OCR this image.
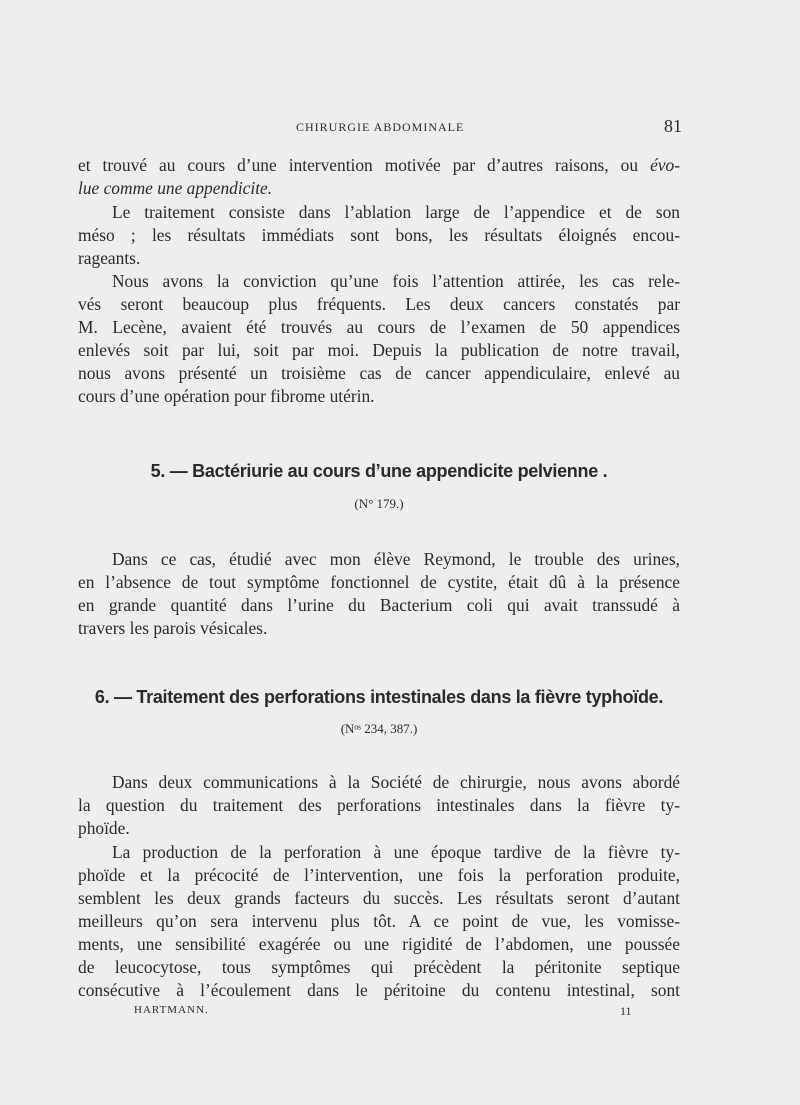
CHIRURGIE ABDOMINALE	81
et trouvé au cours d’une intervention motivée par d’autres raisons, ou évo-
lue comme une appendicite.
Le traitement consiste dans l’ablation large de l’appendice et de son
méso ; les résultats immédiats sont bons, les résultats éloignés encou-
rageants.
Nous avons la conviction qu’une fois l’attention attirée, les cas rele-
vés seront beaucoup plus fréquents. Les deux cancers constatés par
M. Lecène, avaient été trouvés au cours de l’examen de 50 appendices
enlevés soit par lui, soit par moi. Depuis la publication de notre travail,
nous avons présenté un troisième cas de cancer appendiculaire, enlevé au
cours d’une opération pour fibrome utérin.
5. — Bactériurie au cours d’une appendicite pelvienne .
(N° 179.)
Dans ce cas, étudié avec mon élève Reymond, le trouble des urines,
en l’absence de tout symptôme fonctionnel de cystite, était dû à la présence
en grande quantité dans l’urine du Bacterium coli qui avait transsudé à
travers les parois vésicales.
6. — Traitement des perforations intestinales dans la fièvre typhoïde.
(Nᵒˢ 234, 387.)
Dans deux communications à la Société de chirurgie, nous avons abordé
la question du traitement des perforations intestinales dans la fièvre ty-
phoïde.
La production de la perforation à une époque tardive de la fièvre ty-
phoïde et la précocité de l’intervention, une fois la perforation produite,
semblent les deux grands facteurs du succès. Les résultats seront d’autant
meilleurs qu’on sera intervenu plus tôt. A ce point de vue, les vomisse-
ments, une sensibilité exagérée ou une rigidité de l’abdomen, une poussée
de leucocytose, tous symptômes qui précèdent la péritonite septique
consécutive à l’écoulement dans le péritoine du contenu intestinal, sont
HARTMANN.	11
